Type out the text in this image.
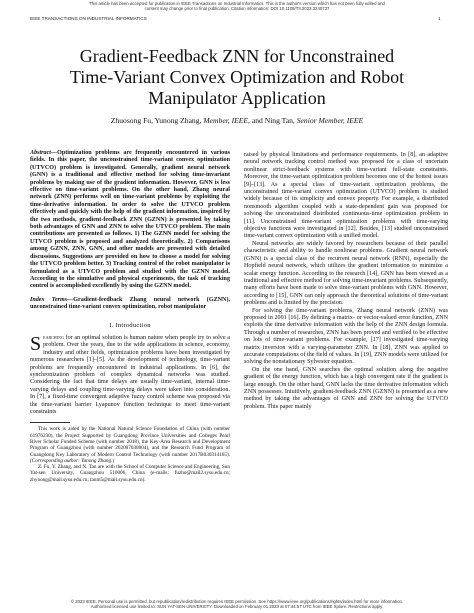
This article has been accepted for publication in IEEE Transactions on Industrial Informatics. This is the author's version which has not been fully edited and
content may change prior to final publication. Citation information: DOI 10.1109/TII.2023.3240737
IEEE TRANSACTIONS ON INDUSTRIAL INFORMATICS	1
Gradient-Feedback ZNN for Unconstrained
Time-Variant Convex Optimization and Robot
Manipulator Application
Zhuosong Fu, Yunong Zhang, Member, IEEE, and Ning Tan, Senior Member, IEEE
Abstract—Optimization problems are frequently encountered in various fields. In this paper, the unconstrained time-variant convex optimization (UTVCO) problem is investigated. Generally, gradient neural network (GNN) is a traditional and effective method for solving time-invariant problems by making use of the gradient information. However, GNN is less effective on time-variant problems. On the other hand, Zhang neural network (ZNN) performs well on time-variant problems by exploiting the time-derivative information. In order to solve the UTVCO problem effectively and quickly with the help of the gradient information, inspired by the two methods, gradient-feedback ZNN (GZNN) is presented by taking both advantages of GNN and ZNN to solve the UTVCO problem. The main contributions are presented as follows. 1) The GZNN model for solving the UTVCO problem is proposed and analyzed theoretically. 2) Comparisons among GZNN, ZNN, GNN, and other models are presented with detailed discussions. Suggestions are provided on how to choose a model for solving the UTVCO problem better. 3) Tracking control of the robot manipulator is formulated as a UTVCO problem and studied with the GZNN model. According to the simulative and physical experiments, the task of tracking control is accomplished excellently by using the GZNN model.
Index Terms—Gradient-feedback Zhang neural network (GZNN), unconstrained time-variant convex optimization, robot manipulator
I. Introduction
Searching for an optimal solution is human nature when people try to solve a problem. Over the years, due to the wide applications in science, economy, industry and other fields, optimization problems have been investigated by numerous researchers [1]–[5]. As the development of technology, time-variant problems are frequently encountered in industrial applications. In [6], the synchronization problem of complex dynamical networks was studied. Considering the fact that time delays are usually time-variant, internal time-varying delays and coupling time-varying delays were taken into consideration. In [7], a fixed-time convergent adaptive fuzzy control scheme was proposed via the time-variant barrier Lyapunov function technique to meet time-variant constraints

This work is aided by the National Natural Science Foundation of China (with number 61976230), the Project Supported by Guangdong Province Universities and Colleges Pearl River Scholar Funded Scheme (with number 2018), the Key-Area Research and Development Program of Guangzhou (with number 202007030004), and the Research Fund Program of Guangdong Key Laboratory of Modern Control Technology (with number 2017B030314165). (Corresponding author: Yunong Zhang.)

Z. Fu, Y. Zhang, and N. Tan are with the School of Computer Science and Engineering, Sun Yat-sen University, Guangzhou 510006, China (e-mails: fuzho@mail2.sysu.edu.cn; zhynong@mail.sysu.edu.cn; tanm5@mail.sysu.edu.cn).

raised by physical limitations and performance requirements. In [8], an adaptive neural network tracking control method was proposed for a class of uncertain nonlinear strict-feedback systems with time-variant full-state constraints. Moreover, the time-variant optimization problem becomes one of the hottest issues [9]–[13]. As a special class of time-variant optimization problems, the unconstrained time-variant convex optimization (UTVCO) problem is studied widely because of its simplicity and convex property. For example, a distributed nonsmooth algorithm coupled with a state-dependent gain was proposed for solving the unconstrained distributed continuous-time optimization problem in [11]. Unconstrained time-variant optimization problems with time-varying objective functions were investigated in [12]. Besides, [13] studied unconstrained time-variant convex optimization with a unified model.

Neural networks are widely favored by researchers because of their parallel characteristic and ability to handle nonlinear problems. Gradient neural network (GNN) is a special class of the recurrent neural network (RNN), especially the Hopfield neural network, which utilizes the gradient information to minimize a scalar energy function. According to the research [14], GNN has been viewed as a traditional and effective method for solving time-invariant problems. Subsequently, many efforts have been made to solve time-variant problems with GNN. However, according to [15], GNN can only approach the theoretical solutions of time-variant problems and is limited by the precision.

For solving the time-variant problems, Zhang neural network (ZNN) was proposed in 2001 [16]. By defining a matrix- or vector-valued error function, ZNN exploits the time derivative information with the help of the ZNN design formula. Through a number of researches, ZNN has been proved and verified to be effective on lots of time-variant problems. For example, [17] investigated time-varying matrix inversion with a varying-parameter ZNN. In [18], ZNN was applied to accurate computations of the field of values. In [19], ZNN models were utilized for solving the nonstationary Sylvester equation.

On the one hand, GNN searches the optimal solution along the negative gradient of the energy function, which has a high convergent rate if the gradient is large enough. On the other hand, GNN lacks the time derivative information which ZNN possesses. Intuitively, gradient-feedback ZNN (GZNN) is presented as a new method by taking the advantages of GNN and ZNN for solving the UTVCO problem. This paper mainly

© 2023 IEEE. Personal use is permitted, but republication/redistribution requires IEEE permission. See https://www.ieee.org/publications/rights/index.html for more information.
Authorized licensed use limited to: SUN YAT-SEN UNIVERSITY. Downloaded on February 01,2023 at 07:44:57 UTC from IEEE Xplore. Restrictions apply.
